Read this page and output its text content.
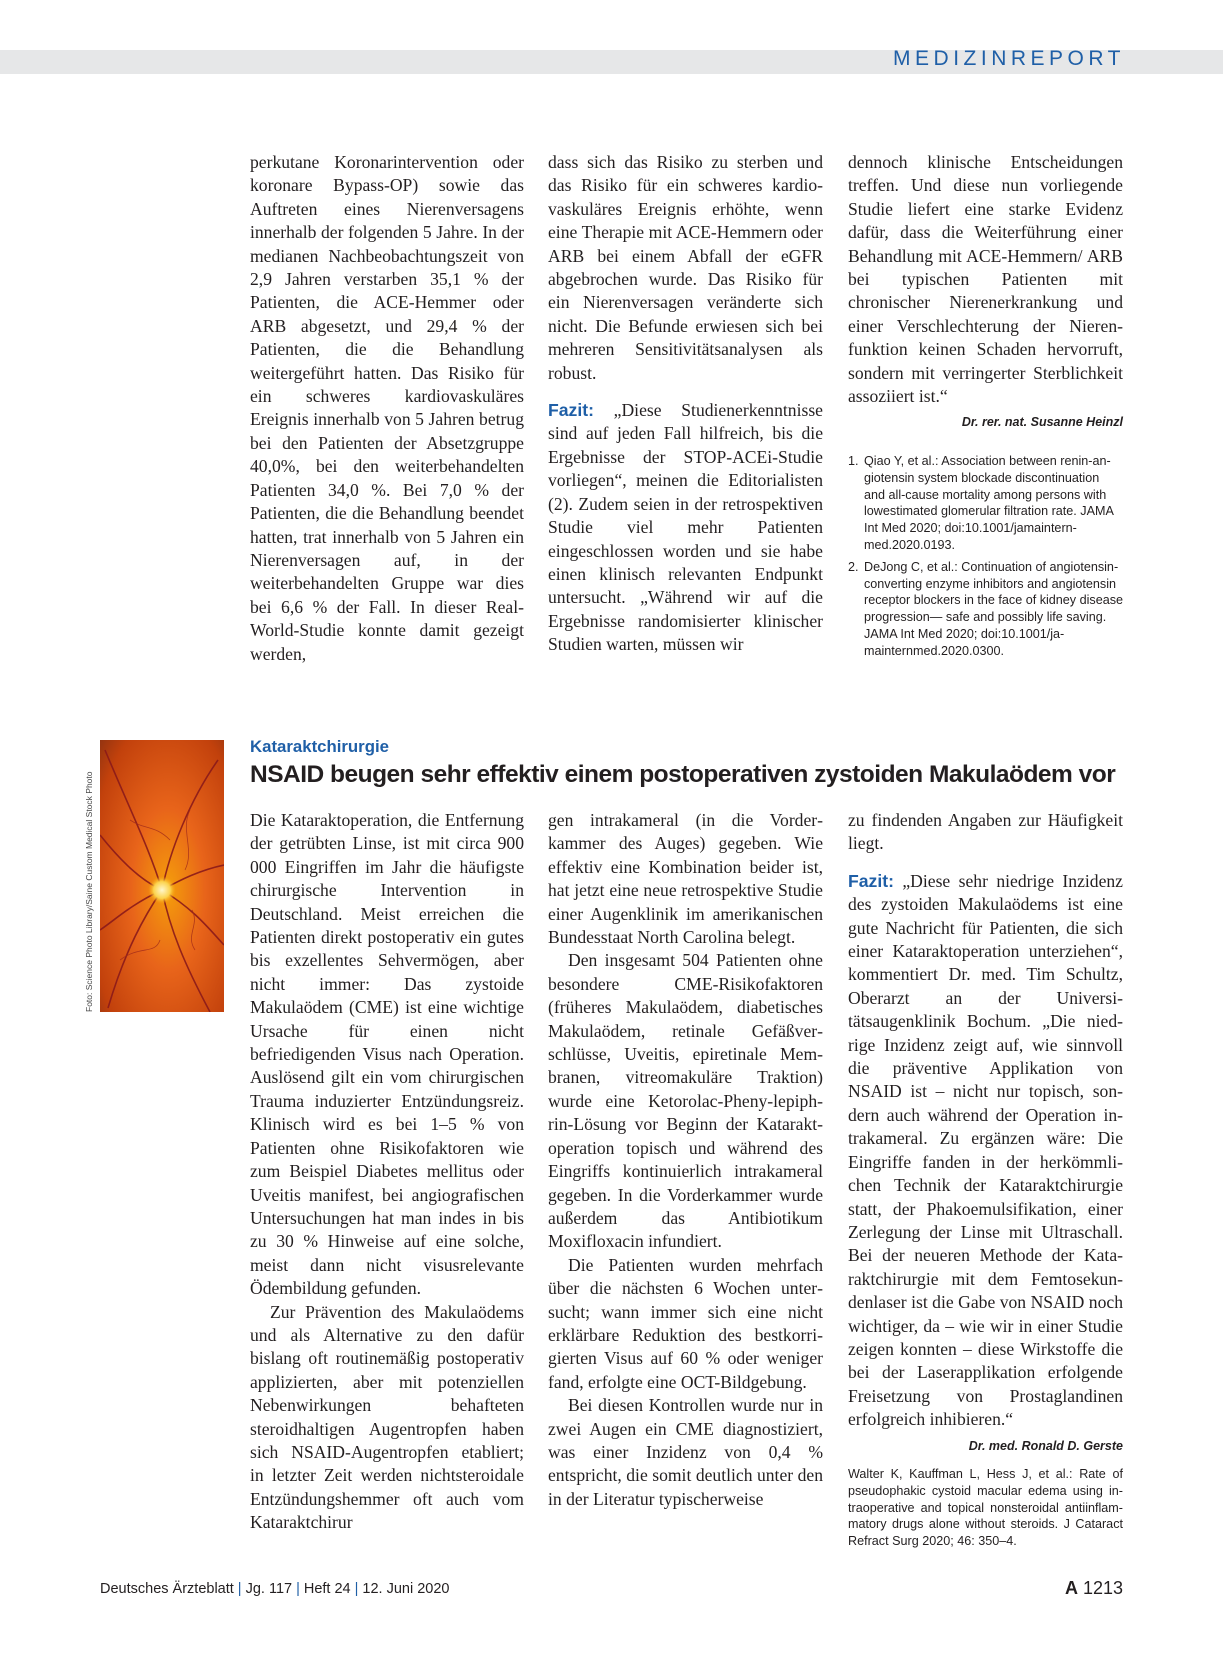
MEDIZINREPORT

perkutane Koronarintervention oder koronare Bypass-OP) sowie das Auftreten eines Nierenversagens innerhalb der folgenden 5 Jahre. In der medianen Nachbeobachtungszeit von 2,9 Jahren verstarben 35,1 % der Patienten, die ACE-Hemmer oder ARB abgesetzt, und 29,4 % der Patienten, die die Behandlung weitergeführt hatten. Das Risiko für ein schweres kardiovaskuläres Ereignis innerhalb von 5 Jahren betrug bei den Patienten der Absetzgruppe 40,0%, bei den weiterbehandelten Patienten 34,0 %. Bei 7,0 % der Patienten, die die Behandlung beendet hatten, trat innerhalb von 5 Jahren ein Nierenversagen auf, in der weiterbehandelten Gruppe war dies bei 6,6 % der Fall. In dieser Real-World-Studie konnte damit gezeigt werden,

dass sich das Risiko zu sterben und das Risiko für ein schweres kardiovaskuläres Ereignis erhöhte, wenn eine Therapie mit ACE-Hemmern oder ARB bei einem Abfall der eGFR abgebrochen wurde. Das Risiko für ein Nierenversagen veränderte sich nicht. Die Befunde erwiesen sich bei mehreren Sensitivitätsanalysen als robust.

Fazit: „Diese Studienerkenntnisse sind auf jeden Fall hilfreich, bis die Ergebnisse der STOP-ACEi-Studie vorliegen“, meinen die Editorialisten (2). Zudem seien in der retrospektiven Studie viel mehr Patienten eingeschlossen worden und sie habe einen klinisch relevanten Endpunkt untersucht. „Während wir auf die Ergebnisse randomisierter klinischer Studien warten, müssen wir

dennoch klinische Entscheidungen treffen. Und diese nun vorliegende Studie liefert eine starke Evidenz dafür, dass die Weiterführung einer Behandlung mit ACE-Hemmern/ ARB bei typischen Patienten mit chronischer Nierenerkrankung und einer Verschlechterung der Nierenfunktion keinen Schaden hervorruft, sondern mit verringerter Sterblichkeit assoziiert ist.“

Dr. rer. nat. Susanne Heinzl
1. Qiao Y, et al.: Association between renin-angiotensin system blockade discontinuation and all-cause mortality among persons with lowestimated glomerular filtration rate. JAMA Int Med 2020; doi:10.1001/jamainternmed.2020.0193.
2. DeJong C, et al.: Continuation of angiotensin-converting enzyme inhibitors and angiotensin receptor blockers in the face of kidney disease progression— safe and possibly life saving. JAMA Int Med 2020; doi:10.1001/jamainternmed.2020.0300.
Foto: Science Photo Library/Saine Custom Medical Stock Photo
Kataraktchirurgie
NSAID beugen sehr effektiv einem postoperativen zystoiden Makulaödem vor

Die Kataraktoperation, die Entfernung der getrübten Linse, ist mit circa 900 000 Eingriffen im Jahr die häufigste chirurgische Intervention in Deutschland. Meist erreichen die Patienten direkt postoperativ ein gutes bis exzellentes Sehvermögen, aber nicht immer: Das zystoide Makulaödem (CME) ist eine wichtige Ursache für einen nicht befriedigenden Visus nach Operation. Auslösend gilt ein vom chirurgischen Trauma induzierter Entzündungsreiz. Klinisch wird es bei 1–5 % von Patienten ohne Risikofaktoren wie zum Beispiel Diabetes mellitus oder Uveitis manifest, bei angiografischen Untersuchungen hat man indes in bis zu 30 % Hinweise auf eine solche, meist dann nicht visusrelevante Ödembildung gefunden.

Zur Prävention des Makulaödems und als Alternative zu den dafür bislang oft routinemäßig postoperativ applizierten, aber mit potenziellen Nebenwirkungen behafteten steroidhaltigen Augentropfen haben sich NSAID-Augentropfen etabliert; in letzter Zeit werden nichtsteroidale Entzündungshemmer oft auch vom Kataraktchirur

gen intrakameral (in die Vorderkammer des Auges) gegeben. Wie effektiv eine Kombination beider ist, hat jetzt eine neue retrospektive Studie einer Augenklinik im amerikanischen Bundesstaat North Carolina belegt.

Den insgesamt 504 Patienten ohne besondere CME-Risikofaktoren (früheres Makulaödem, diabetisches Makulaödem, retinale Gefäßverschlüsse, Uveitis, epiretinale Membranen, vitreomakuläre Traktion) wurde eine Ketorolac-Pheny-lepiphrin-Lösung vor Beginn der Kataraktoperation topisch und während des Eingriffs kontinuierlich intrakameral gegeben. In die Vorderkammer wurde außerdem das Antibiotikum Moxifloxacin infundiert.

Die Patienten wurden mehrfach über die nächsten 6 Wochen untersucht; wann immer sich eine nicht erklärbare Reduktion des bestkorrigierten Visus auf 60 % oder weniger fand, erfolgte eine OCT-Bildgebung.

Bei diesen Kontrollen wurde nur in zwei Augen ein CME diagnostiziert, was einer Inzidenz von 0,4 % entspricht, die somit deutlich unter den in der Literatur typischerweise

zu findenden Angaben zur Häufigkeit liegt.

Fazit: „Diese sehr niedrige Inzidenz des zystoiden Makulaödems ist eine gute Nachricht für Patienten, die sich einer Kataraktoperation unterziehen“, kommentiert Dr. med. Tim Schultz, Oberarzt an der Universitätsaugenklinik Bochum. „Die niedrige Inzidenz zeigt auf, wie sinnvoll die präventive Applikation von NSAID ist – nicht nur topisch, sondern auch während der Operation intrakameral. Zu ergänzen wäre: Die Eingriffe fanden in der herkömmlichen Technik der Kataraktchirurgie statt, der Phakoemulsifikation, einer Zerlegung der Linse mit Ultraschall. Bei der neueren Methode der Kataraktchirurgie mit dem Femtosekundenlaser ist die Gabe von NSAID noch wichtiger, da – wie wir in einer Studie zeigen konnten – diese Wirkstoffe die bei der Laserapplikation erfolgende Freisetzung von Prostaglandinen erfolgreich inhibieren.“

Dr. med. Ronald D. Gerste
Walter K, Kauffman L, Hess J, et al.: Rate of pseudophakic cystoid macular edema using intraoperative and topical nonsteroidal antiinflammatory drugs alone without steroids. J Cataract Refract Surg 2020; 46: 350–4.
Deutsches Ärzteblatt | Jg. 117 | Heft 24 | 12. Juni 2020	A 1213
